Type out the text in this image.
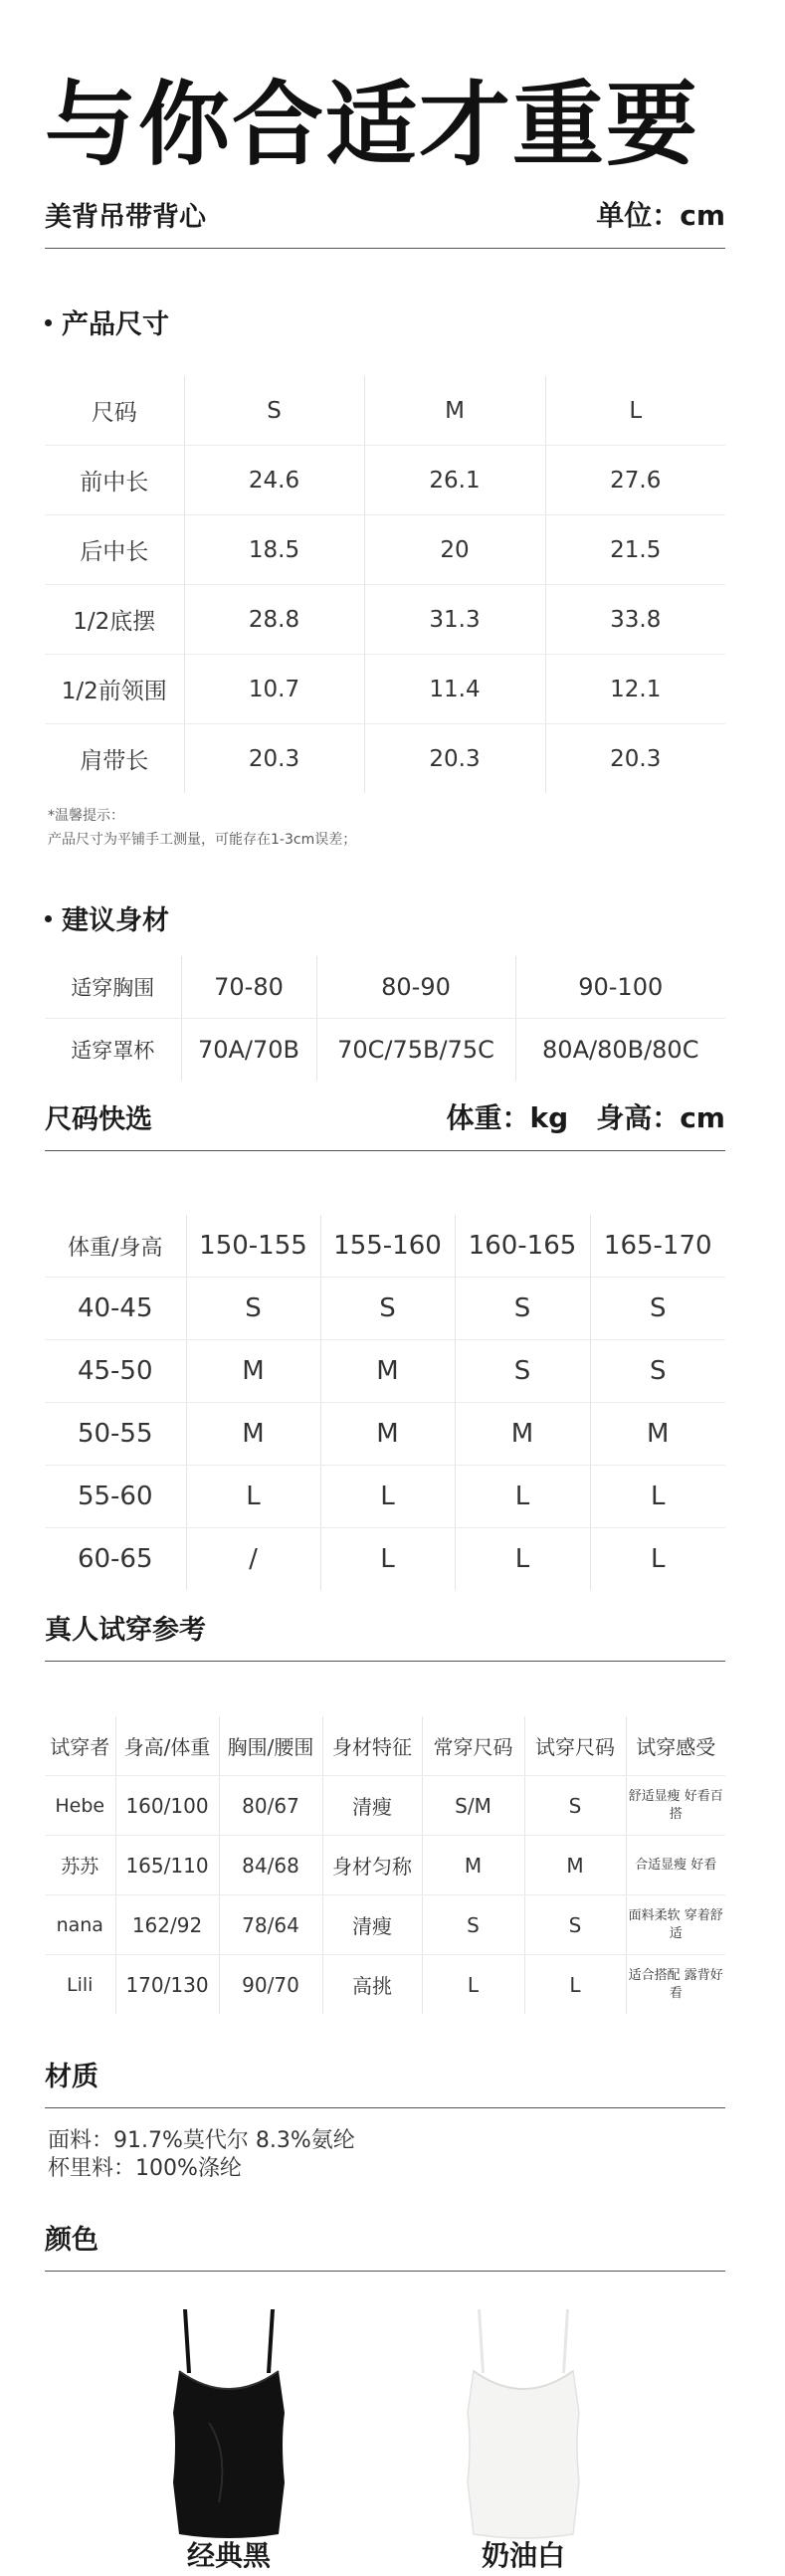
与你合适才重要
美背吊带背心	单位：cm
产品尺寸
尺码	S	M	L
前中长	24.6	26.1	27.6
后中长	18.5	20	21.5
1/2底摆	28.8	31.3	33.8
1/2前领围	10.7	11.4	12.1
肩带长	20.3	20.3	20.3
*温馨提示：
产品尺寸为平铺手工测量，可能存在1-3cm误差；
建议身材
适穿胸围	70-80	80-90	90-100
适穿罩杯	70A/70B	70C/75B/75C	80A/80B/80C
尺码快选	体重：kg　身高：cm
体重/身高	150-155	155-160	160-165	165-170
40-45	S	S	S	S
45-50	M	M	S	S
50-55	M	M	M	M
55-60	L	L	L	L
60-65	/	L	L	L
真人试穿参考
试穿者	身高/体重	胸围/腰围	身材特征	常穿尺码	试穿尺码	试穿感受
Hebe	160/100	80/67	清瘦	S/M	S	舒适显瘦 好看百搭
苏苏	165/110	84/68	身材匀称	M	M	合适显瘦 好看
nana	162/92	78/64	清瘦	S	S	面料柔软 穿着舒适
Lili	170/130	90/70	高挑	L	L	适合搭配 露背好看
材质
面料：91.7%莫代尔 8.3%氨纶
杯里料：100%涤纶
颜色
经典黑	奶油白
